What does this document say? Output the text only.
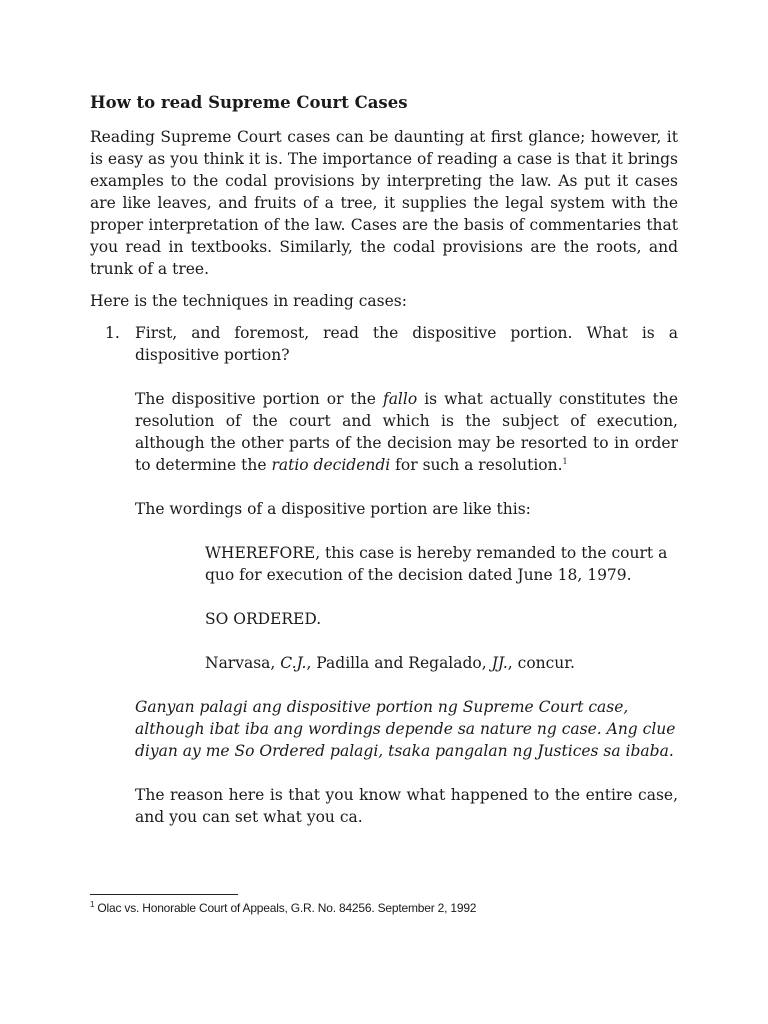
How to read Supreme Court Cases

Reading Supreme Court cases can be daunting at first glance; however, it is easy as you think it is. The importance of reading a case is that it brings examples to the codal provisions by interpreting the law. As put it cases are like leaves, and fruits of a tree, it supplies the legal system with the proper interpretation of the law. Cases are the basis of commentaries that you read in textbooks. Similarly, the codal provisions are the roots, and trunk of a tree.

Here is the techniques in reading cases:

1. First, and foremost, read the dispositive portion. What is a dispositive portion?

The dispositive portion or the fallo is what actually constitutes the resolution of the court and which is the subject of execution, although the other parts of the decision may be resorted to in order to determine the ratio decidendi for such a resolution.$^1$

The wordings of a dispositive portion are like this:

WHEREFORE, this case is hereby remanded to the court a quo for execution of the decision dated June 18, 1979.

SO ORDERED.

Narvasa, C.J., Padilla and Regalado, JJ., concur.

Ganyan palagi ang dispositive portion ng Supreme Court case, although ibat iba ang wordings depende sa nature ng case. Ang clue diyan ay me So Ordered palagi, tsaka pangalan ng Justices sa ibaba.

The reason here is that you know what happened to the entire case, and you can set what you ca.

$^1$ Olac vs. Honorable Court of Appeals, G.R. No. 84256. September 2, 1992
